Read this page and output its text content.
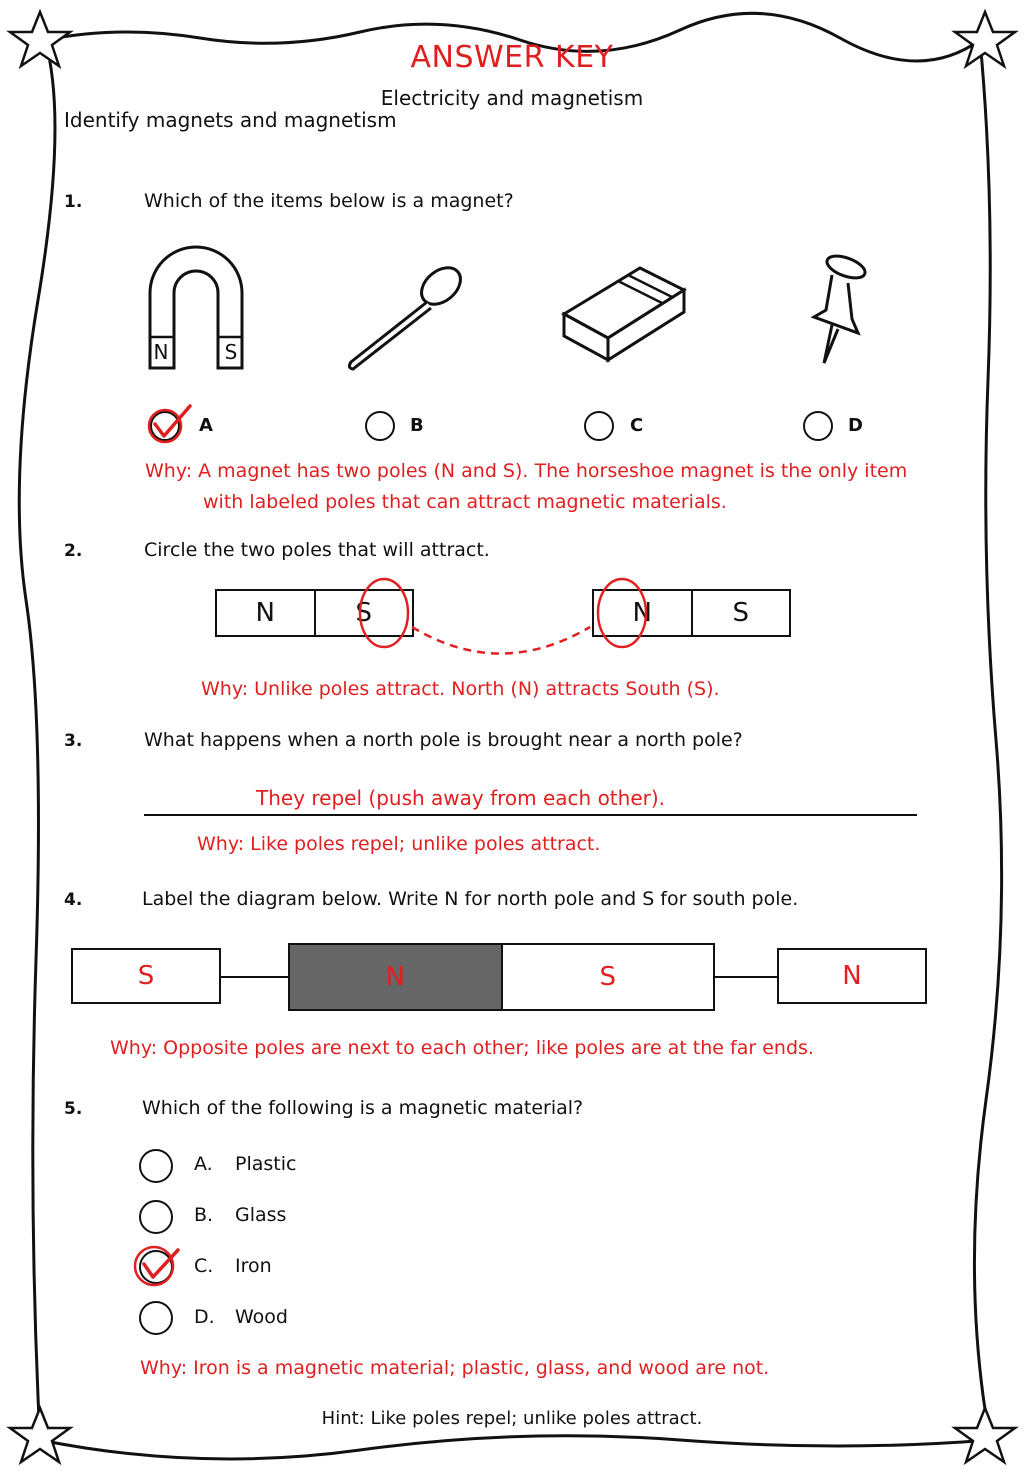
ANSWER KEY
Electricity and magnetism
Identify magnets and magnetism
1.	Which of the items below is a magnet?
N	S
A	B	C	D
Why: A magnet has two poles (N and S). The horseshoe magnet is the only item
with labeled poles that can attract magnetic materials.
2.	Circle the two poles that will attract.
N	S	N	S
Why: Unlike poles attract. North (N) attracts South (S).
3.	What happens when a north pole is brought near a north pole?
They repel (push away from each other).
Why: Like poles repel; unlike poles attract.
4.	Label the diagram below. Write N for north pole and S for south pole.
S	N	S	N
Why: Opposite poles are next to each other; like poles are at the far ends.
5.	Which of the following is a magnetic material?
A. Plastic
B. Glass
C. Iron
D. Wood
Why: Iron is a magnetic material; plastic, glass, and wood are not.
Hint: Like poles repel; unlike poles attract.
